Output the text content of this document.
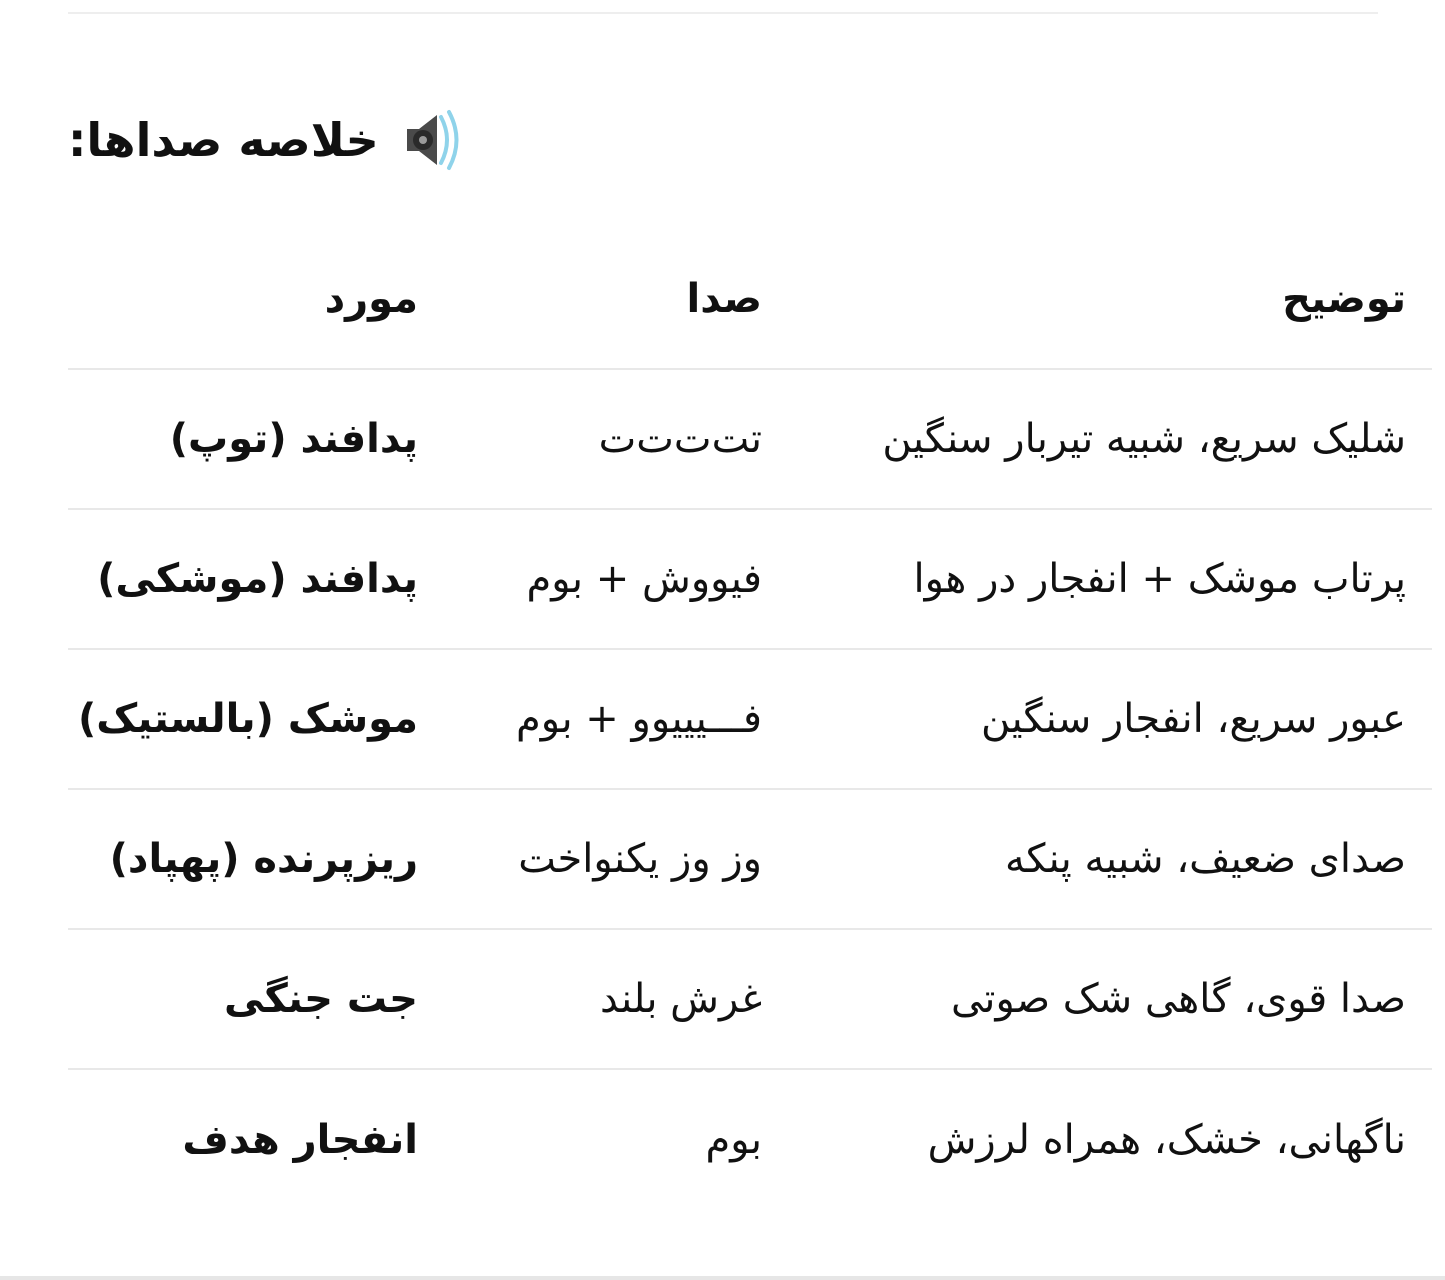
خلاصه صداها:
توضیح
صدا
مورد
شلیک سریع، شبیه تیربار سنگین
تت‌ت‌ت‌ت
پدافند (توپ)
پرتاب موشک + انفجار در هوا
فیووش + بوم
پدافند (موشکی)
عبور سریع، انفجار سنگین
فـــیییوو + بوم
موشک (بالستیک)
صدای ضعیف، شبیه پنکه
وز وز یکنواخت
ریزپرنده (پهپاد)
صدا قوی، گاهی شک صوتی
غرش بلند
جت جنگی
ناگهانی، خشک، همراه لرزش
بوم
انفجار هدف
